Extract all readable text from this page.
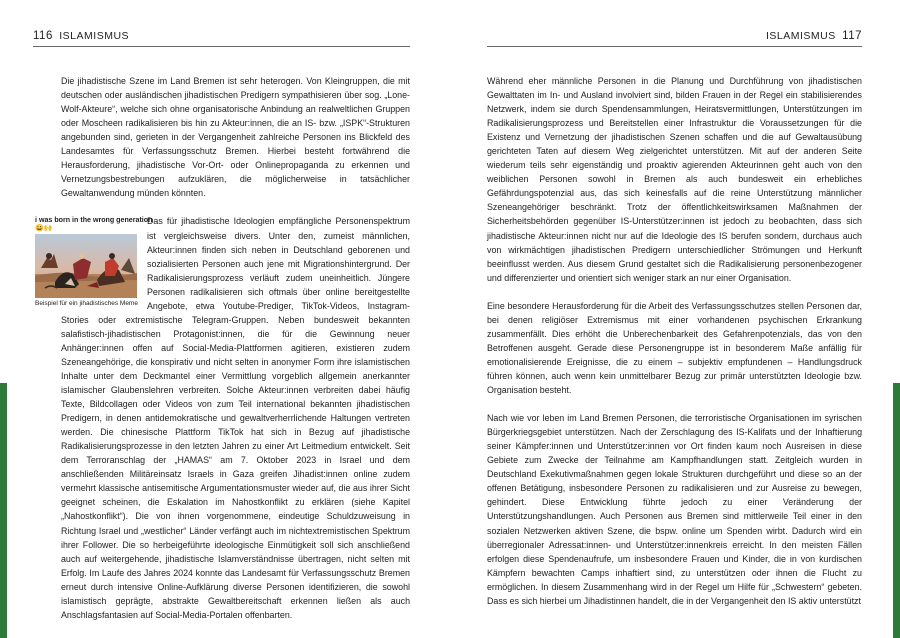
116 ISLAMISMUS	ISLAMISMUS 117

Die jihadistische Szene im Land Bremen ist sehr heterogen. Von Kleingruppen, die mit deutschen oder ausländischen jihadistischen Predigern sympathisieren über sog. „Lone-Wolf-Akteure“, welche sich ohne organisatorische Anbindung an realweltlichen Gruppen oder Moscheen radikalisieren bis hin zu Akteur:innen, die an IS- bzw. „ISPK“-Strukturen angebunden sind, gerieten in der Vergangenheit zahlreiche Personen ins Blickfeld des Landesamtes für Verfassungsschutz Bremen. Hierbei besteht fortwährend die Herausforderung, jihadistische Vor-Ort- oder Onlinepropaganda zu erkennen und Vernetzungsbestrebungen aufzuklären, die möglicherweise in tatsächlicher Gewaltanwendung münden könnten.

i was born in the wrong generation
😀🙌
Beispiel für ein jihadistisches Meme

Das für jihadistische Ideologien empfängliche Personenspektrum ist vergleichsweise divers. Unter den, zumeist männlichen, Akteur:innen finden sich neben in Deutschland geborenen und sozialisierten Personen auch jene mit Migrationshintergrund. Der Radikalisierungsprozess verläuft zudem uneinheitlich. Jüngere Personen radikalisieren sich oftmals über online bereitgestellte Angebote, etwa Youtube-Prediger, TikTok-Videos, Instagram-Stories oder extremistische Telegram-Gruppen. Neben bundesweit bekannten salafistisch-jihadistischen Protagonist:innen, die für die Gewinnung neuer Anhänger:innen offen auf Social-Media-Plattformen agitieren, existieren zudem Szeneangehörige, die konspirativ und nicht selten in anonymer Form ihre islamistischen Inhalte unter dem Deckmantel einer Vermittlung vorgeblich allgemein anerkannter islamischer Glaubenslehren verbreiten. Solche Akteur:innen verbreiten dabei häufig Texte, Bildcollagen oder Videos von zum Teil international bekannten jihadistischen Predigern, in denen antidemokratische und gewaltverherrlichende Haltungen vertreten werden. Die chinesische Plattform TikTok hat sich in Bezug auf jihadistische Radikalisierungsprozesse in den letzten Jahren zu einer Art Leitmedium entwickelt. Seit dem Terroranschlag der „HAMAS“ am 7. Oktober 2023 in Israel und dem anschließenden Militäreinsatz Israels in Gaza greifen Jihadist:innen online zudem vermehrt klassische antisemitische Argumentationsmuster wieder auf, die aus ihrer Sicht geeignet scheinen, die Eskalation im Nahostkonflikt zu erklären (siehe Kapitel „Nahostkonflikt“). Die von ihnen vorgenommene, eindeutige Schuldzuweisung in Richtung Israel und „westlicher“ Länder verfängt auch im nichtextremistischen Spektrum ihrer Follower. Die so herbeigeführte ideologische Einmütigkeit soll sich anschließend auch auf weitergehende, jihadistische Islamverständnisse übertragen, nicht selten mit Erfolg. Im Laufe des Jahres 2024 konnte das Landesamt für Verfassungsschutz Bremen erneut durch intensive Online-Aufklärung diverse Personen identifizieren, die sowohl islamistisch geprägte, abstrakte Gewaltbereitschaft erkennen ließen als auch Anschlagsfantasien auf Social-Media-Portalen offenbarten.

Während eher männliche Personen in die Planung und Durchführung von jihadistischen Gewalttaten im In- und Ausland involviert sind, bilden Frauen in der Regel ein stabilisierendes Netzwerk, indem sie durch Spendensammlungen, Heiratsvermittlungen, Unterstützungen im Radikalisierungsprozess und Bereitstellen einer Infrastruktur die Voraussetzungen für die Existenz und Vernetzung der jihadistischen Szenen schaffen und die auf Gewaltausübung gerichteten Taten auf diesem Weg zielgerichtet unterstützen. Mit auf der anderen Seite wiederum teils sehr eigenständig und proaktiv agierenden Akteurinnen geht auch von den weiblichen Personen sowohl in Bremen als auch bundesweit ein erhebliches Gefährdungspotenzial aus, das sich keinesfalls auf die reine Unterstützung männlicher Szeneangehöriger beschränkt. Trotz der öffentlichkeitswirksamen Maßnahmen der Sicherheitsbehörden gegenüber IS-Unterstützer:innen ist jedoch zu beobachten, dass sich jihadistische Akteur:innen nicht nur auf die Ideologie des IS berufen sondern, durchaus auch von wirkmächtigen jihadistischen Predigern unterschiedlicher Strömungen und Herkunft beeinflusst werden. Aus diesem Grund gestaltet sich die Radikalisierung personenbezogener und differenzierter und orientiert sich weniger stark an nur einer Organisation.

Eine besondere Herausforderung für die Arbeit des Verfassungsschutzes stellen Personen dar, bei denen religiöser Extremismus mit einer vorhandenen psychischen Erkrankung zusammenfällt. Dies erhöht die Unberechenbarkeit des Gefahrenpotenzials, das von den Betroffenen ausgeht. Gerade diese Personengruppe ist in besonderem Maße anfällig für emotionalisierende Ereignisse, die zu einem – subjektiv empfundenen – Handlungsdruck führen können, auch wenn kein unmittelbarer Bezug zur primär unterstützten Ideologie bzw. Organisation besteht.

Nach wie vor leben im Land Bremen Personen, die terroristische Organisationen im syrischen Bürgerkriegsgebiet unterstützen. Nach der Zerschlagung des IS-Kalifats und der Inhaftierung seiner Kämpfer:innen und Unterstützer:innen vor Ort finden kaum noch Ausreisen in diese Gebiete zum Zwecke der Teilnahme am Kampfhandlungen statt. Zeitgleich wurden in Deutschland Exekutivmaßnahmen gegen lokale Strukturen durchgeführt und diese so an der offenen Betätigung, insbesondere Personen zu radikalisieren und zur Ausreise zu bewegen, gehindert. Diese Entwicklung führte jedoch zu einer Veränderung der Unterstützungshandlungen. Auch Personen aus Bremen sind mittlerweile Teil einer in den sozialen Netzwerken aktiven Szene, die bspw. online um Spenden wirbt. Dadurch wird ein überregionaler Adressat:innen- und Unterstützer:innenkreis erreicht. In den meisten Fällen erfolgen diese Spendenaufrufe, um insbesondere Frauen und Kinder, die in von kurdischen Kämpfern bewachten Camps inhaftiert sind, zu unterstützen oder ihnen die Flucht zu ermöglichen. In diesem Zusammenhang wird in der Regel um Hilfe für „Schwestern“ gebeten. Dass es sich hierbei um Jihadistinnen handelt, die in der Vergangenheit den IS aktiv unterstützt
